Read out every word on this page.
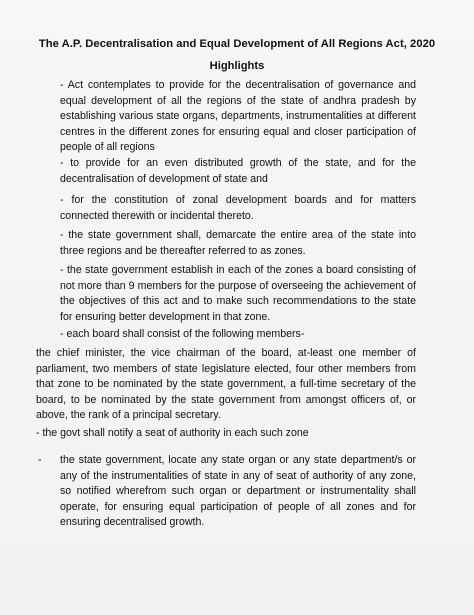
The A.P. Decentralisation and Equal Development of All Regions Act, 2020
Highlights

- Act contemplates to provide for the decentralisation of governance and equal development of all the regions of the state of andhra pradesh by establishing various state organs, departments, instrumentalities at different centres in the different zones for ensuring equal and closer participation of people of all regions

- to provide for an even distributed growth of the state, and for the decentralisation of development of state and

- for the constitution of zonal development boards and for matters connected therewith or incidental thereto.

- the state government shall, demarcate the entire area of the state into three regions and be thereafter referred to as zones.

- the state government establish in each of the zones a board consisting of not more than 9 members for the purpose of overseeing the achievement of the objectives of this act and to make such recommendations to the state for ensuring better development in that zone.

- each board shall consist of the following members-

the chief minister, the vice chairman of the board, at-least one member of parliament, two members of state legislature elected, four other members from that zone to be nominated by the state government, a full-time secretary of the board, to be nominated by the state government from amongst officers of, or above, the rank of a principal secretary.

- the govt shall notify a seat of authority in each such zone

- the state government, locate any state organ or any state department/s or any of the instrumentalities of state in any of seat of authority of any zone, so notified wherefrom such organ or department or instrumentality shall operate, for ensuring equal participation of people of all zones and for ensuring decentralised growth.
